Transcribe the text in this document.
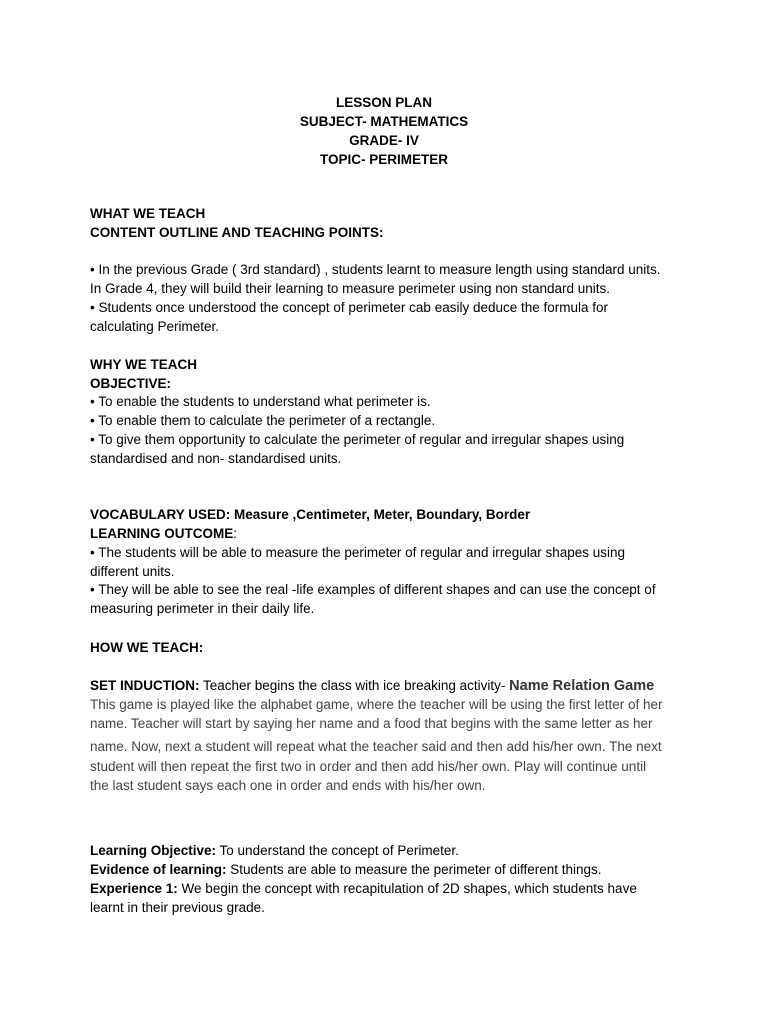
LESSON PLAN
SUBJECT- MATHEMATICS
GRADE- IV
TOPIC- PERIMETER
WHAT WE TEACH
CONTENT OUTLINE AND TEACHING POINTS:
• In the previous Grade ( 3rd standard) , students learnt to measure length using standard units.
In Grade 4, they will build their learning to measure perimeter using non standard units.
• Students once understood the concept of perimeter cab easily deduce the formula for
calculating Perimeter.
WHY WE TEACH
OBJECTIVE:
• To enable the students to understand what perimeter is.
• To enable them to calculate the perimeter of a rectangle.
• To give them opportunity to calculate the perimeter of regular and irregular shapes using
standardised and non- standardised units.
VOCABULARY USED: Measure ,Centimeter, Meter, Boundary, Border
LEARNING OUTCOME:
• The students will be able to measure the perimeter of regular and irregular shapes using
different units.
• They will be able to see the real -life examples of different shapes and can use the concept of
measuring perimeter in their daily life.
HOW WE TEACH:
SET INDUCTION: Teacher begins the class with ice breaking activity- Name Relation Game
This game is played like the alphabet game, where the teacher will be using the first letter of her
name. Teacher will start by saying her name and a food that begins with the same letter as her
name. Now, next a student will repeat what the teacher said and then add his/her own. The next
student will then repeat the first two in order and then add his/her own. Play will continue until
the last student says each one in order and ends with his/her own.
Learning Objective: To understand the concept of Perimeter.
Evidence of learning: Students are able to measure the perimeter of different things.
Experience 1: We begin the concept with recapitulation of 2D shapes, which students have
learnt in their previous grade.
